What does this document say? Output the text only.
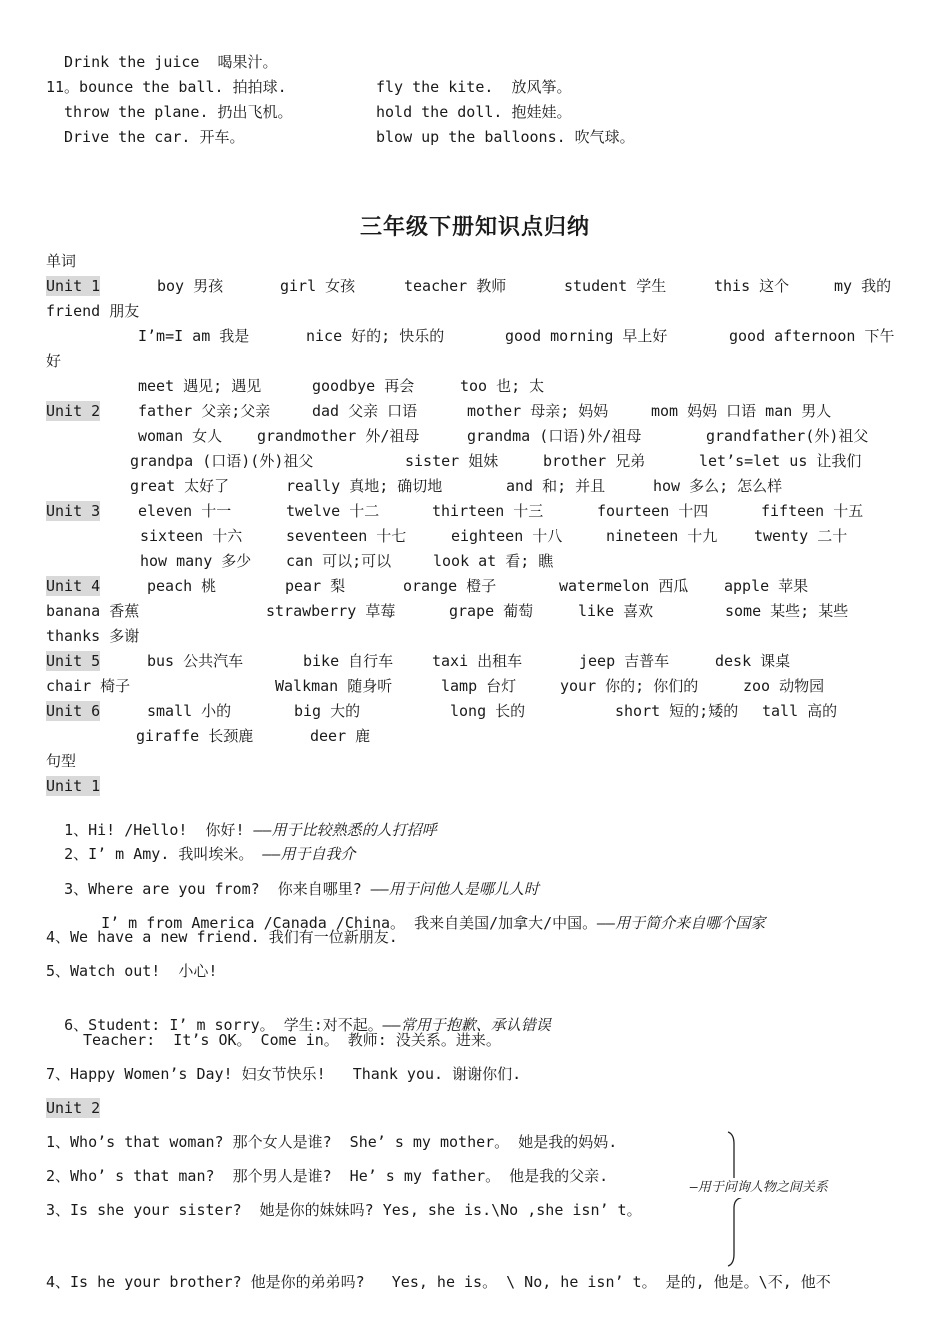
Drink the juice  喝果汁。
11。bounce the ball. 拍拍球.	fly the kite.  放风筝。
throw the plane. 扔出飞机。	hold the doll. 抱娃娃。
Drive the car. 开车。	blow up the balloons. 吹气球。
三年级下册知识点归纳
单词
Unit 1	boy 男孩	girl 女孩	teacher 教师	student 学生	this 这个	my 我的
friend 朋友
I’m=I am 我是	nice 好的; 快乐的	good morning 早上好	good afternoon 下午
好
meet 遇见; 遇见	goodbye 再会	too 也; 太
Unit 2	father 父亲;父亲	dad 父亲 口语	mother 母亲; 妈妈	mom 妈妈 口语 man 男人
woman 女人 grandmother 外/祖母	grandma (口语)外/祖母	grandfather(外)祖父
grandpa (口语)(外)祖父	sister 姐妹	brother 兄弟	let’s=let us 让我们
great 太好了	really 真地; 确切地	and 和; 并且	how 多么; 怎么样
Unit 3	eleven 十一	twelve 十二	thirteen 十三	fourteen 十四	fifteen 十五
sixteen 十六	seventeen 十七	eighteen 十八	nineteen 十九 twenty 二十
how many 多少 can 可以;可以	look at 看; 瞧
Unit 4	peach 桃	pear 梨	orange 橙子	watermelon 西瓜 apple 苹果
banana 香蕉	strawberry 草莓	grape 葡萄	like 喜欢	some 某些; 某些
thanks 多谢
Unit 5	bus 公共汽车	bike 自行车	taxi 出租车	jeep 吉普车	desk 课桌
chair 椅子	Walkman 随身听	lamp 台灯	your 你的; 你们的	zoo 动物园
Unit 6	small 小的	big 大的	long 长的	short 短的;矮的 tall 高的
giraffe 长颈鹿	deer 鹿
句型
Unit 1

1、Hi! /Hello!  你好! ——用于比较熟悉的人打招呼

2、I’ m Amy. 我叫埃米。 ——用于自我介

3、Where are you from?  你来自哪里? ——用于问他人是哪儿人时

I’ m from America /Canada /China。 我来自美国/加拿大/中国。——用于简介来自哪个国家

4、We have a new friend. 我们有一位新朋友.
5、Watch out!  小心!

6、Student: I’ m sorry。 学生:对不起。——常用于抱歉、承认错误

Teacher:  It’s OK。 Come in。 教师: 没关系。进来。
7、Happy Women’s Day! 妇女节快乐!   Thank you. 谢谢你们.
Unit 2
1、Who’s that woman? 那个女人是谁?  She’ s my mother。 她是我的妈妈.
2、Who’ s that man?  那个男人是谁?  He’ s my father。 他是我的父亲.
3、Is she your sister?  她是你的妹妹吗? Yes, she is.\No ,she isn’ t。
4、Is he your brother? 他是你的弟弟吗?   Yes, he is。 \ No, he isn’ t。 是的, 他是。\不, 他不
—用于问询人物之间关系
